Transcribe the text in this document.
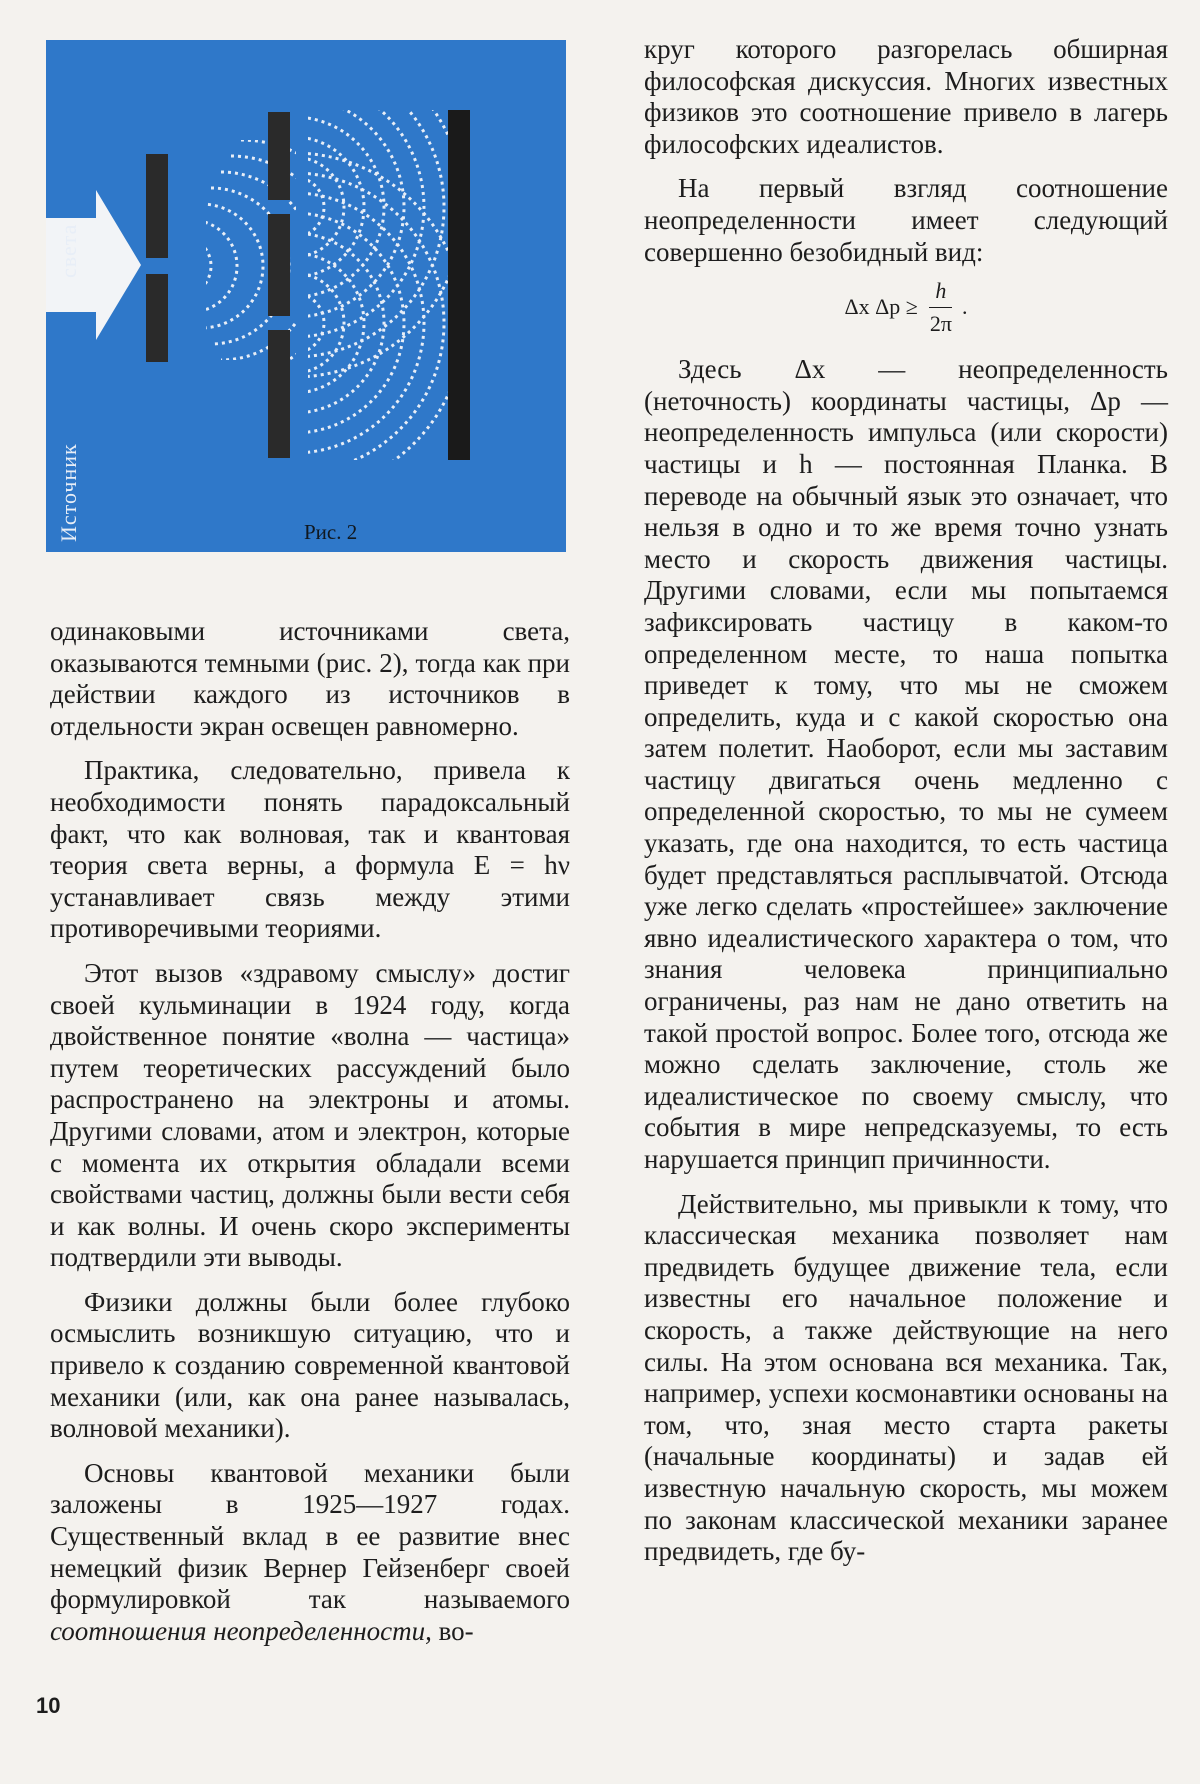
света
Источник	Рис. 2

одинаковыми источниками света, оказываются темными (рис. 2), тогда как при действии каждого из источников в отдельности экран освещен равномерно.

Практика, следовательно, привела к необходимости понять парадоксальный факт, что как волновая, так и квантовая теория света верны, а формула E = hν устанавливает связь между этими противоречивыми теориями.

Этот вызов «здравому смыслу» достиг своей кульминации в 1924 году, когда двойственное понятие «волна — частица» путем теоретических рассуждений было распространено на электроны и атомы. Другими словами, атом и электрон, которые с момента их открытия обладали всеми свойствами частиц, должны были вести себя и как волны. И очень скоро эксперименты подтвердили эти выводы.

Физики должны были более глубоко осмыслить возникшую ситуацию, что и привело к созданию современной квантовой механики (или, как она ранее называлась, волновой механики).

Основы квантовой механики были заложены в 1925—1927 годах. Существенный вклад в ее развитие внес немецкий физик Вернер Гейзенберг своей формулировкой так называемого соотношения неопределенности, во-

круг которого разгорелась обширная философская дискуссия. Многих известных физиков это соотношение привело в лагерь философских идеалистов.

На первый взгляд соотношение неопределенности имеет следующий совершенно безобидный вид:

Δx $\Delta p \ge \frac{h}{2\pi}$ .

Здесь Δx — неопределенность (неточность) координаты частицы, Δp — неопределенность импульса (или скорости) частицы и h — постоянная Планка. В переводе на обычный язык это означает, что нельзя в одно и то же время точно узнать место и скорость движения частицы. Другими словами, если мы попытаемся зафиксировать частицу в каком-то определенном месте, то наша попытка приведет к тому, что мы не сможем определить, куда и с какой скоростью она затем полетит. Наоборот, если мы заставим частицу двигаться очень медленно с определенной скоростью, то мы не сумеем указать, где она находится, то есть частица будет представляться расплывчатой. Отсюда уже легко сделать «простейшее» заключение явно идеалистического характера о том, что знания человека принципиально ограничены, раз нам не дано ответить на такой простой вопрос. Более того, отсюда же можно сделать заключение, столь же идеалистическое по своему смыслу, что события в мире непредсказуемы, то есть нарушается принцип причинности.

Действительно, мы привыкли к тому, что классическая механика позволяет нам предвидеть будущее движение тела, если известны его начальное положение и скорость, а также действующие на него силы. На этом основана вся механика. Так, например, успехи космонавтики основаны на том, что, зная место старта ракеты (начальные координаты) и задав ей известную начальную скорость, мы можем по законам классической механики заранее предвидеть, где бу-

10
